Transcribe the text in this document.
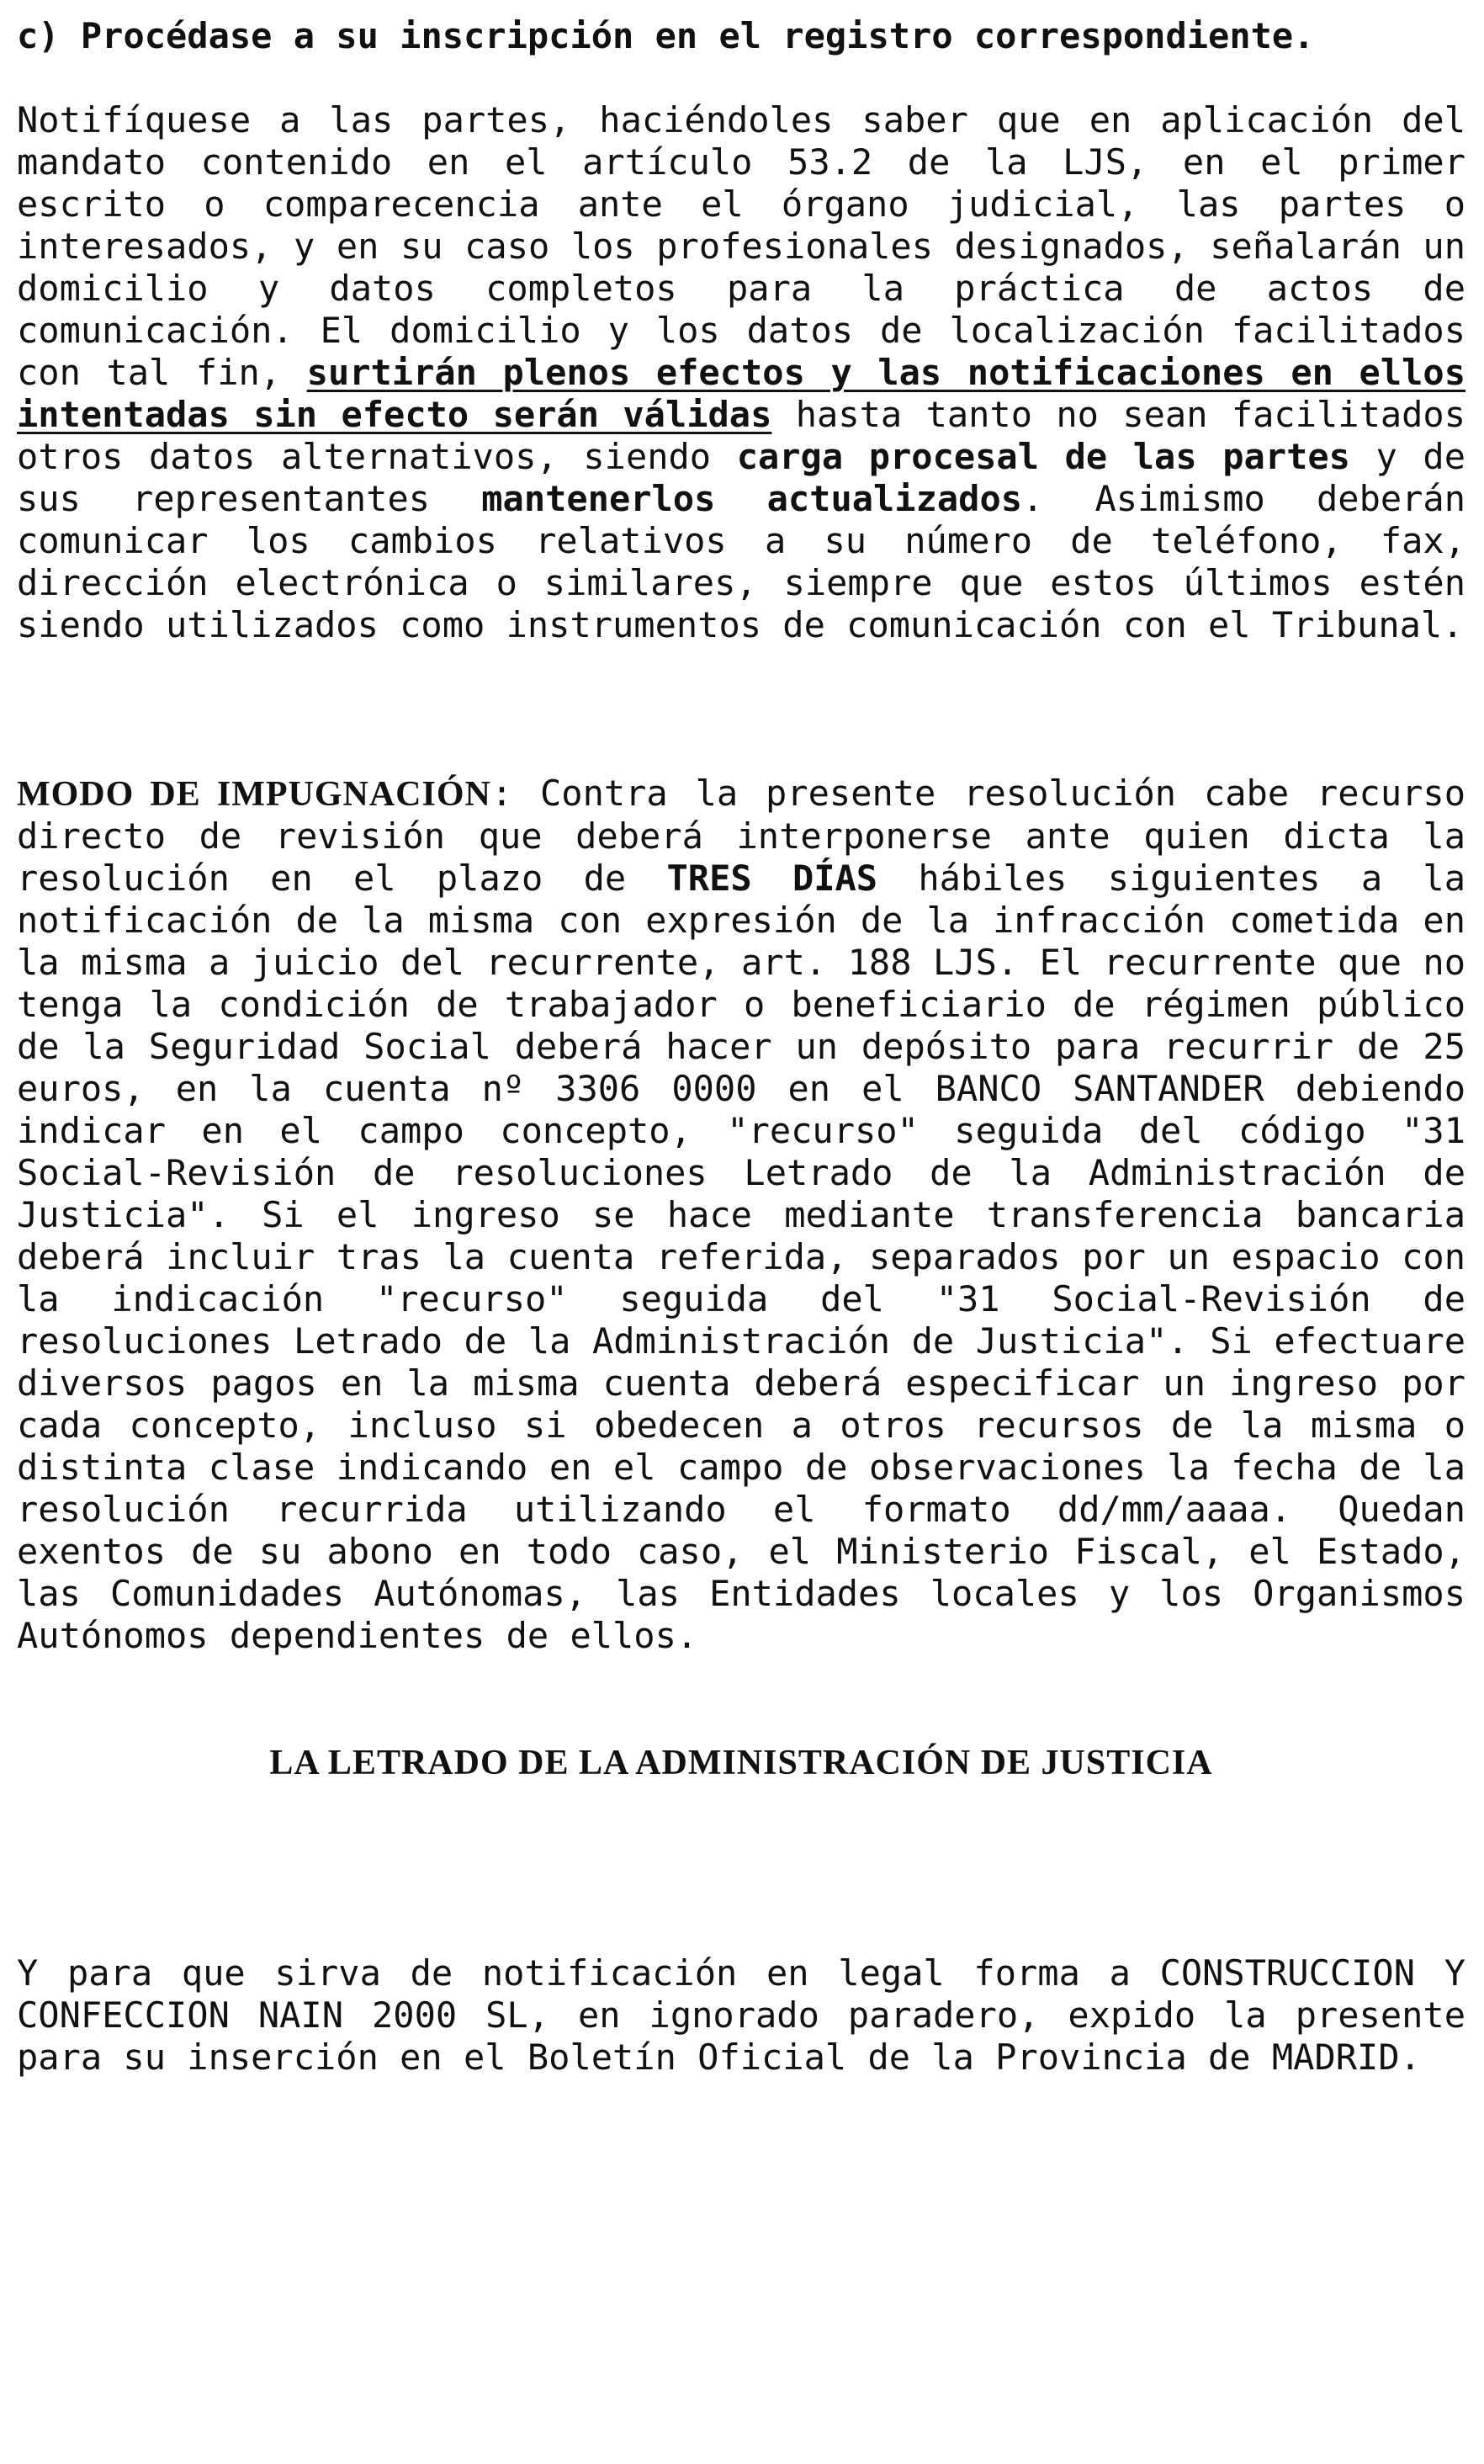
c) Procédase a su inscripción en el registro correspondiente.

Notifíquese a las partes, haciéndoles saber que en aplicación del mandato contenido en el artículo 53.2 de la LJS, en el primer escrito o comparecencia ante el órgano judicial, las partes o interesados, y en su caso los profesionales designados, señalarán un domicilio y datos completos para la práctica de actos de comunicación. El domicilio y los datos de localización facilitados con tal fin, surtirán plenos efectos y las notificaciones en ellos intentadas sin efecto serán válidas hasta tanto no sean facilitados otros datos alternativos, siendo carga procesal de las partes y de sus representantes mantenerlos actualizados. Asimismo deberán comunicar los cambios relativos a su número de teléfono, fax, dirección electrónica o similares, siempre que estos últimos estén siendo utilizados como instrumentos de comunicación con el Tribunal.

MODO DE IMPUGNACIÓN: Contra la presente resolución cabe recurso directo de revisión que deberá interponerse ante quien dicta la resolución en el plazo de TRES DÍAS hábiles siguientes a la notificación de la misma con expresión de la infracción cometida en la misma a juicio del recurrente, art. 188 LJS. El recurrente que no tenga la condición de trabajador o beneficiario de régimen público de la Seguridad Social deberá hacer un depósito para recurrir de 25 euros, en la cuenta nº 3306 0000 en el BANCO SANTANDER debiendo indicar en el campo concepto, "recurso" seguida del código "31 Social-Revisión de resoluciones Letrado de la Administración de Justicia". Si el ingreso se hace mediante transferencia bancaria deberá incluir tras la cuenta referida, separados por un espacio con la indicación "recurso" seguida del "31 Social-Revisión de resoluciones Letrado de la Administración de Justicia". Si efectuare diversos pagos en la misma cuenta deberá especificar un ingreso por cada concepto, incluso si obedecen a otros recursos de la misma o distinta clase indicando en el campo de observaciones la fecha de la resolución recurrida utilizando el formato dd/mm/aaaa. Quedan exentos de su abono en todo caso, el Ministerio Fiscal, el Estado, las Comunidades Autónomas, las Entidades locales y los Organismos Autónomos dependientes de ellos.

LA LETRADO DE LA ADMINISTRACIÓN DE JUSTICIA

Y para que sirva de notificación en legal forma a CONSTRUCCION Y CONFECCION NAIN 2000 SL, en ignorado paradero, expido la presente para su inserción en el Boletín Oficial de la Provincia de MADRID.
